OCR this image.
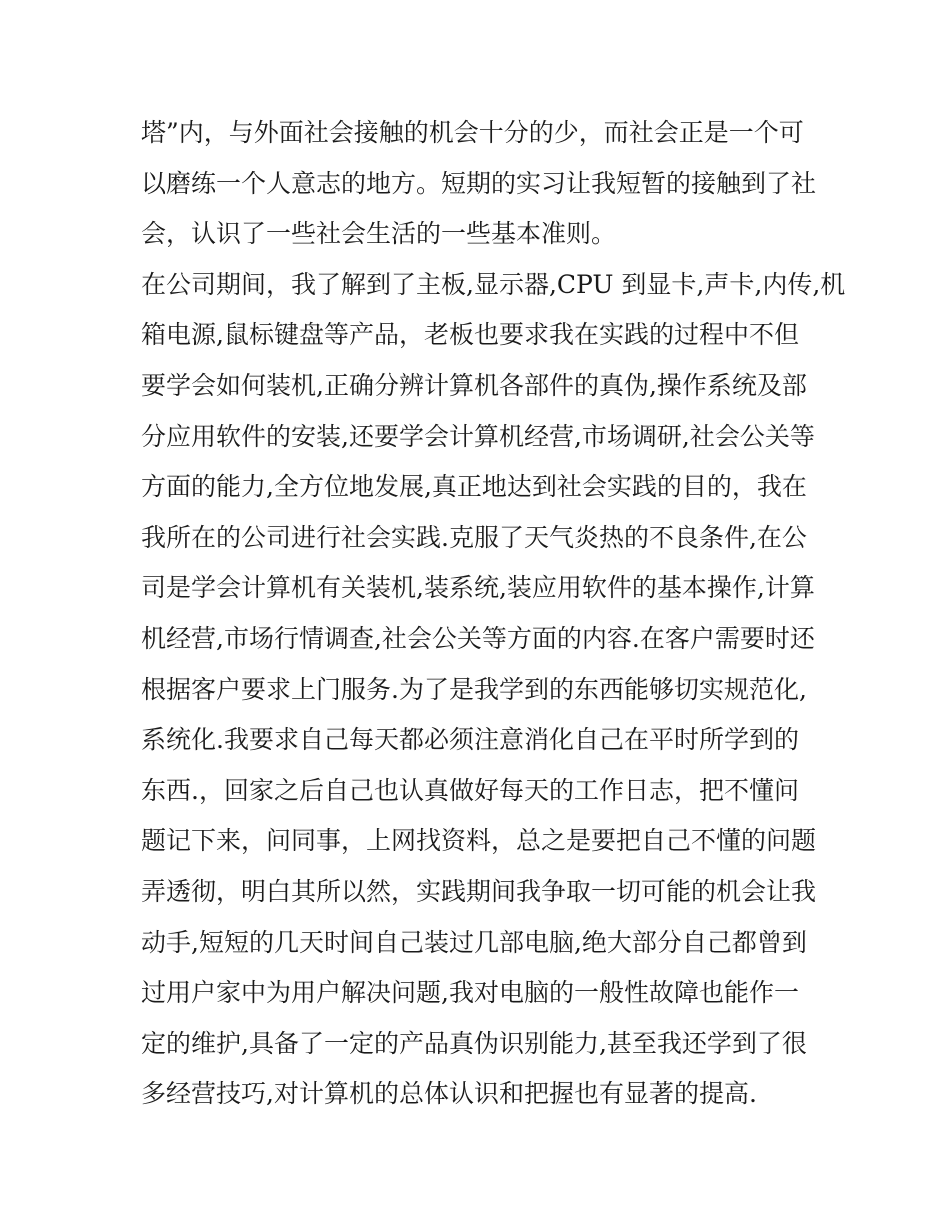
塔”内，与外面社会接触的机会十分的少，而社会正是一个可
以磨练一个人意志的地方。短期的实习让我短暂的接触到了社
会，认识了一些社会生活的一些基本准则。
在公司期间，我了解到了主板,显示器,CPU 到显卡,声卡,内传,机
箱电源,鼠标键盘等产品，老板也要求我在实践的过程中不但
要学会如何装机,正确分辨计算机各部件的真伪,操作系统及部
分应用软件的安装,还要学会计算机经营,市场调研,社会公关等
方面的能力,全方位地发展,真正地达到社会实践的目的，我在
我所在的公司进行社会实践.克服了天气炎热的不良条件,在公
司是学会计算机有关装机,装系统,装应用软件的基本操作,计算
机经营,市场行情调查,社会公关等方面的内容.在客户需要时还
根据客户要求上门服务.为了是我学到的东西能够切实规范化,
系统化.我要求自己每天都必须注意消化自己在平时所学到的
东西.，回家之后自己也认真做好每天的工作日志，把不懂问
题记下来，问同事，上网找资料，总之是要把自己不懂的问题
弄透彻，明白其所以然，实践期间我争取一切可能的机会让我
动手,短短的几天时间自己装过几部电脑,绝大部分自己都曾到
过用户家中为用户解决问题,我对电脑的一般性故障也能作一
定的维护,具备了一定的产品真伪识别能力,甚至我还学到了很
多经营技巧,对计算机的总体认识和把握也有显著的提高.
